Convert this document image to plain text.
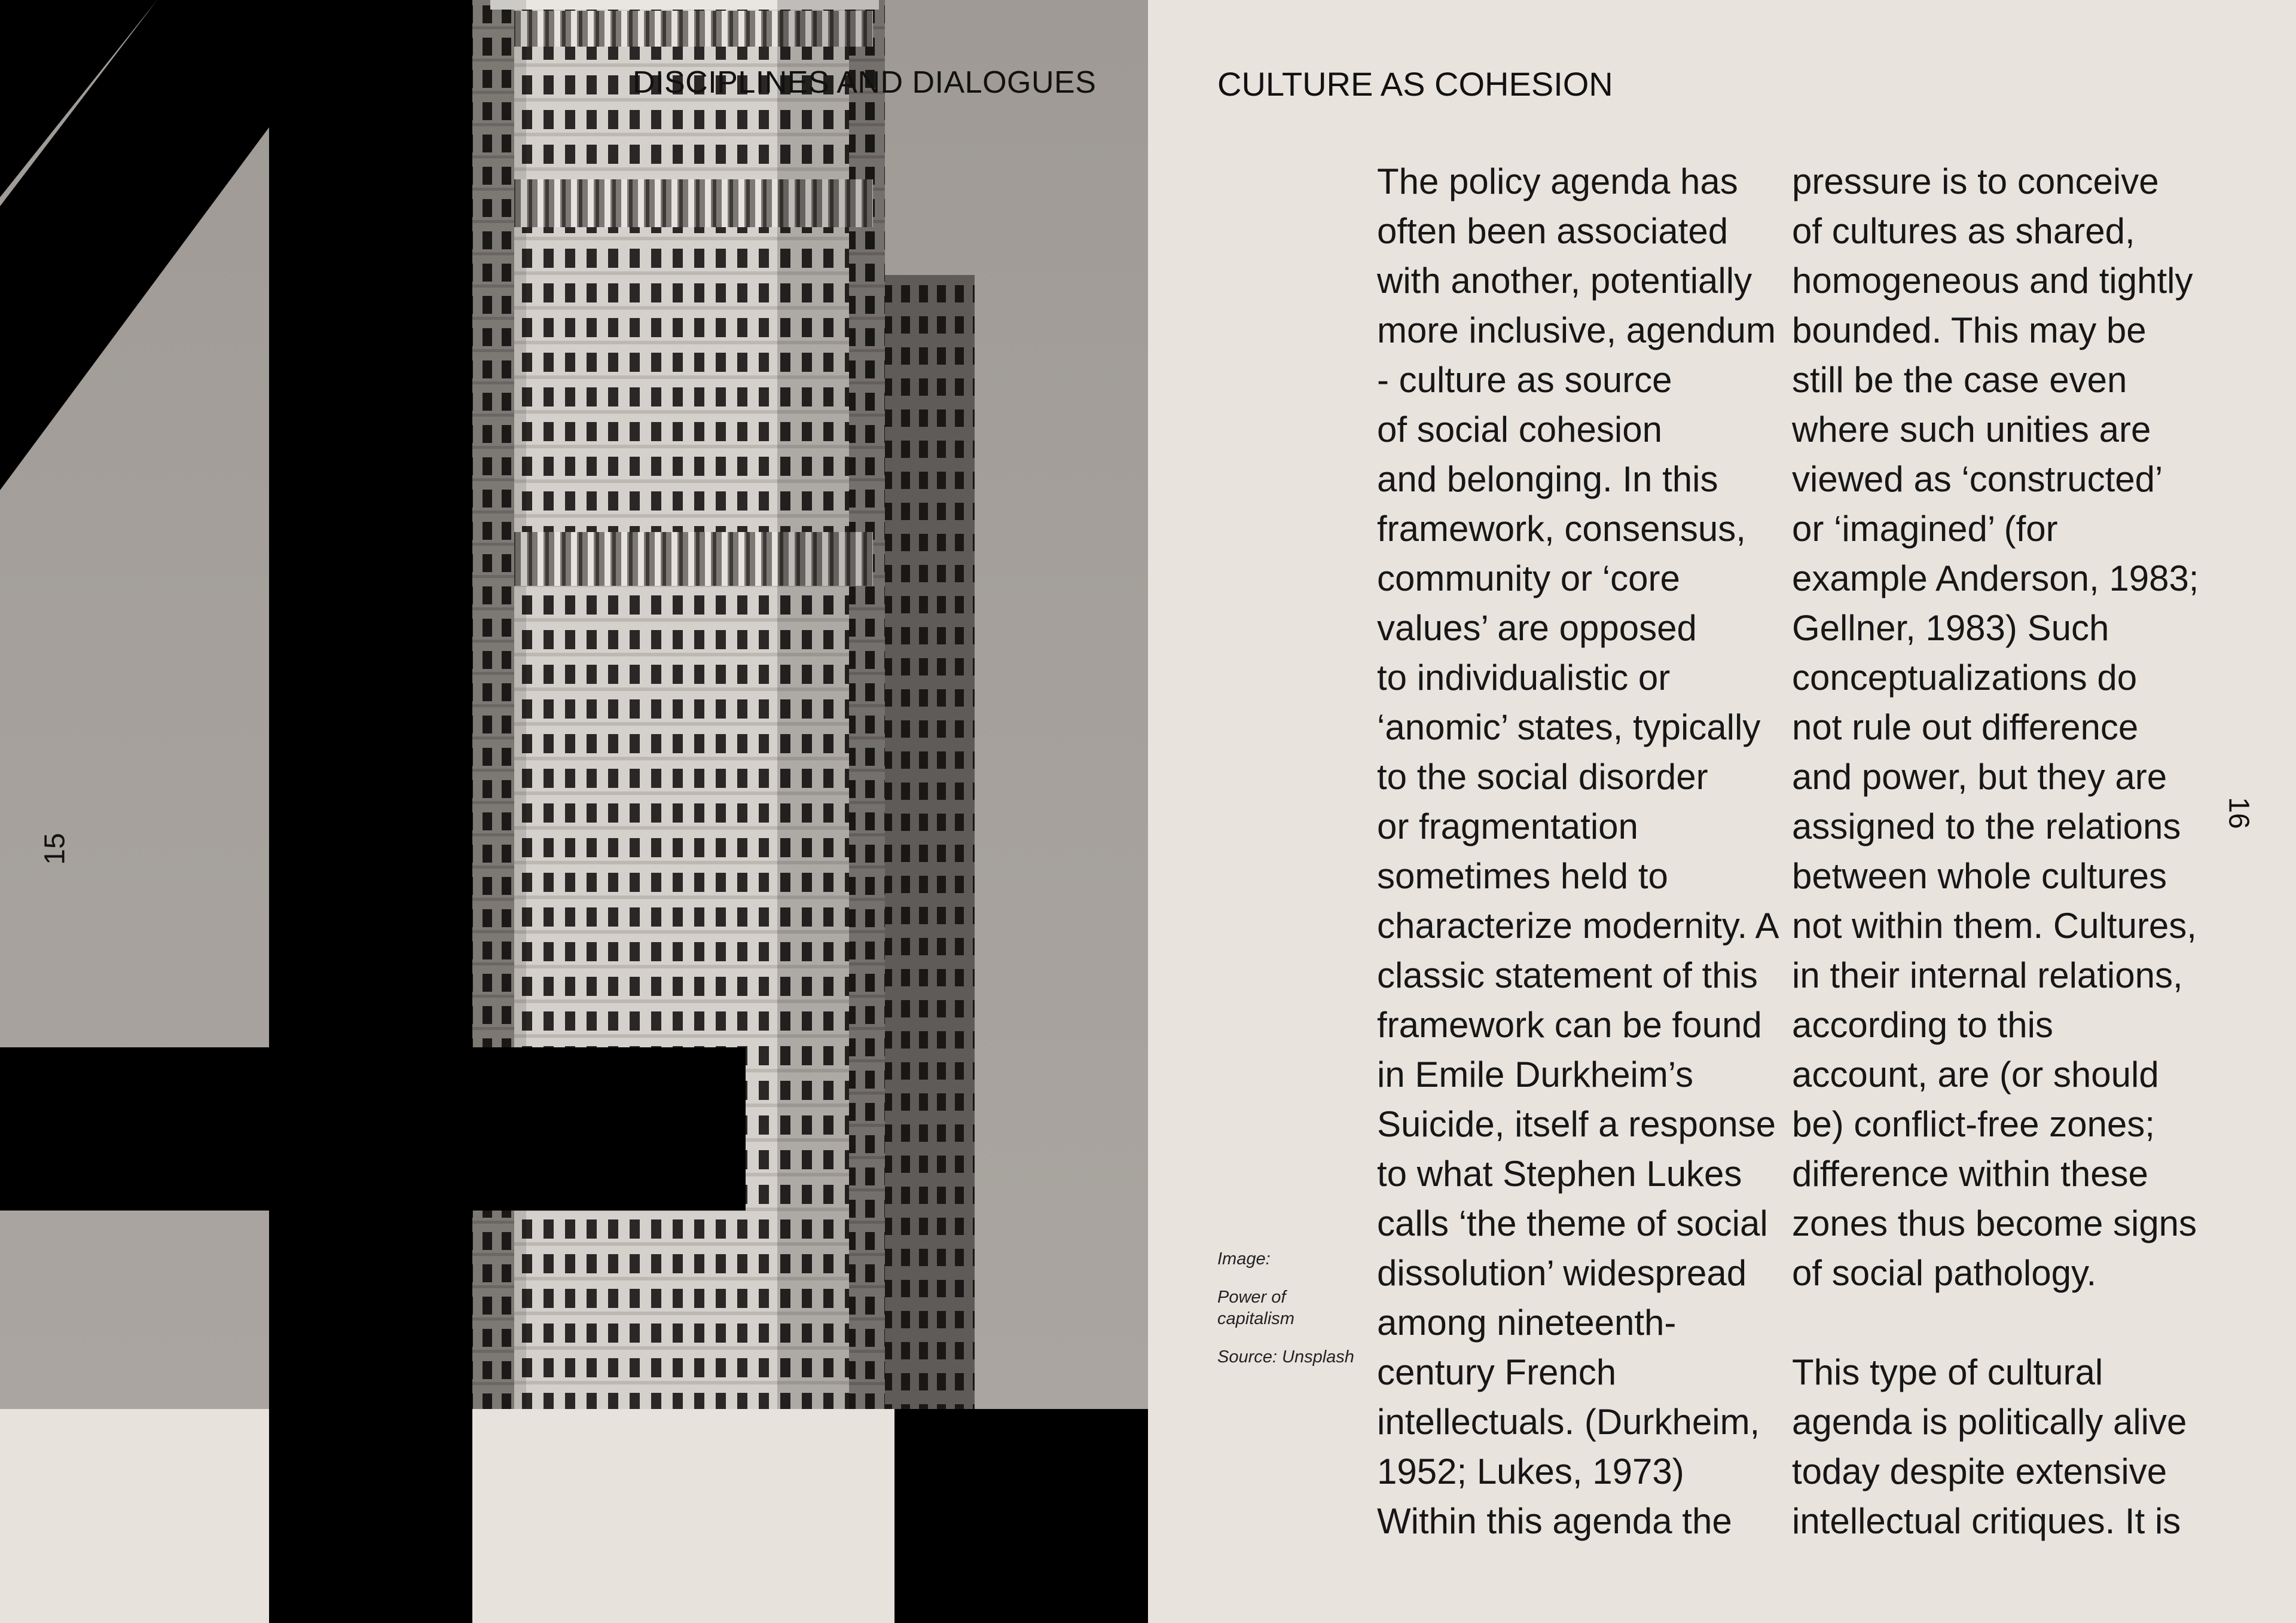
DISCIPLINES AND DIALOGUES
15
CULTURE AS COHESION
16

Image:

Power of capitalism

Source: Unsplash

The policy agenda has
often been associated
with another, potentially
more inclusive, agendum
- culture as source
of social cohesion
and belonging. In this
framework, consensus,
community or ‘core
values’ are opposed
to individualistic or
‘anomic’ states, typically
to the social disorder
or fragmentation
sometimes held to
characterize modernity. A
classic statement of this
framework can be found
in Emile Durkheim’s
Suicide, itself a response
to what Stephen Lukes
calls ‘the theme of social
dissolution’ widespread
among nineteenth-
century French
intellectuals. (Durkheim,
1952; Lukes, 1973)
Within this agenda the
pressure is to conceive
of cultures as shared,
homogeneous and tightly
bounded. This may be
still be the case even
where such unities are
viewed as ‘constructed’
or ‘imagined’ (for
example Anderson, 1983;
Gellner, 1983) Such
conceptualizations do
not rule out difference
and power, but they are
assigned to the relations
between whole cultures
not within them. Cultures,
in their internal relations,
according to this
account, are (or should
be) conflict-free zones;
difference within these
zones thus become signs
of social pathology.
This type of cultural
agenda is politically alive
today despite extensive
intellectual critiques. It is
